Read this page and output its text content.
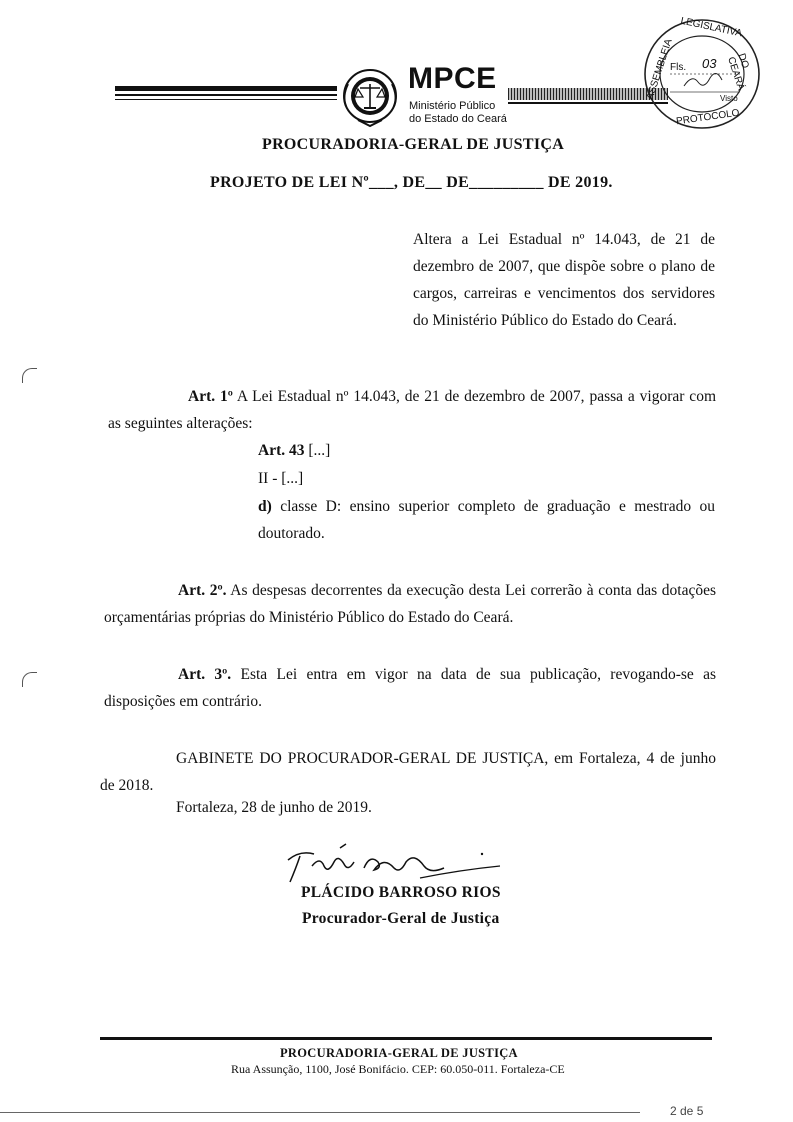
MPCE
Ministério Público
do Estado do Ceará
LEGISLATIVA
ASSEMBLEIA	DO CEARÁ
PROTOCOLO
Fls. 03
Visto
PROCURADORIA-GERAL DE JUSTIÇA
PROJETO DE LEI Nº___, DE__ DE_________ DE 2019.
Altera a Lei Estadual nº 14.043, de 21 de dezembro de 2007, que dispõe sobre o plano de cargos, carreiras e vencimentos dos servidores do Ministério Público do Estado do Ceará.
Art. 1º A Lei Estadual nº 14.043, de 21 de dezembro de 2007, passa a vigorar com as seguintes alterações:
Art. 43 [...]
II - [...]
d) classe D: ensino superior completo de graduação e mestrado ou doutorado.
Art. 2º. As despesas decorrentes da execução desta Lei correrão à conta das dotações orçamentárias próprias do Ministério Público do Estado do Ceará.
Art. 3º. Esta Lei entra em vigor na data de sua publicação, revogando-se as disposições em contrário.
GABINETE DO PROCURADOR-GERAL DE JUSTIÇA, em Fortaleza, 4 de junho de 2018.
Fortaleza, 28 de junho de 2019.
PLÁCIDO BARROSO RIOS
Procurador-Geral de Justiça
PROCURADORIA-GERAL DE JUSTIÇA
Rua Assunção, 1100, José Bonifácio. CEP: 60.050-011. Fortaleza-CE
2 de 5
